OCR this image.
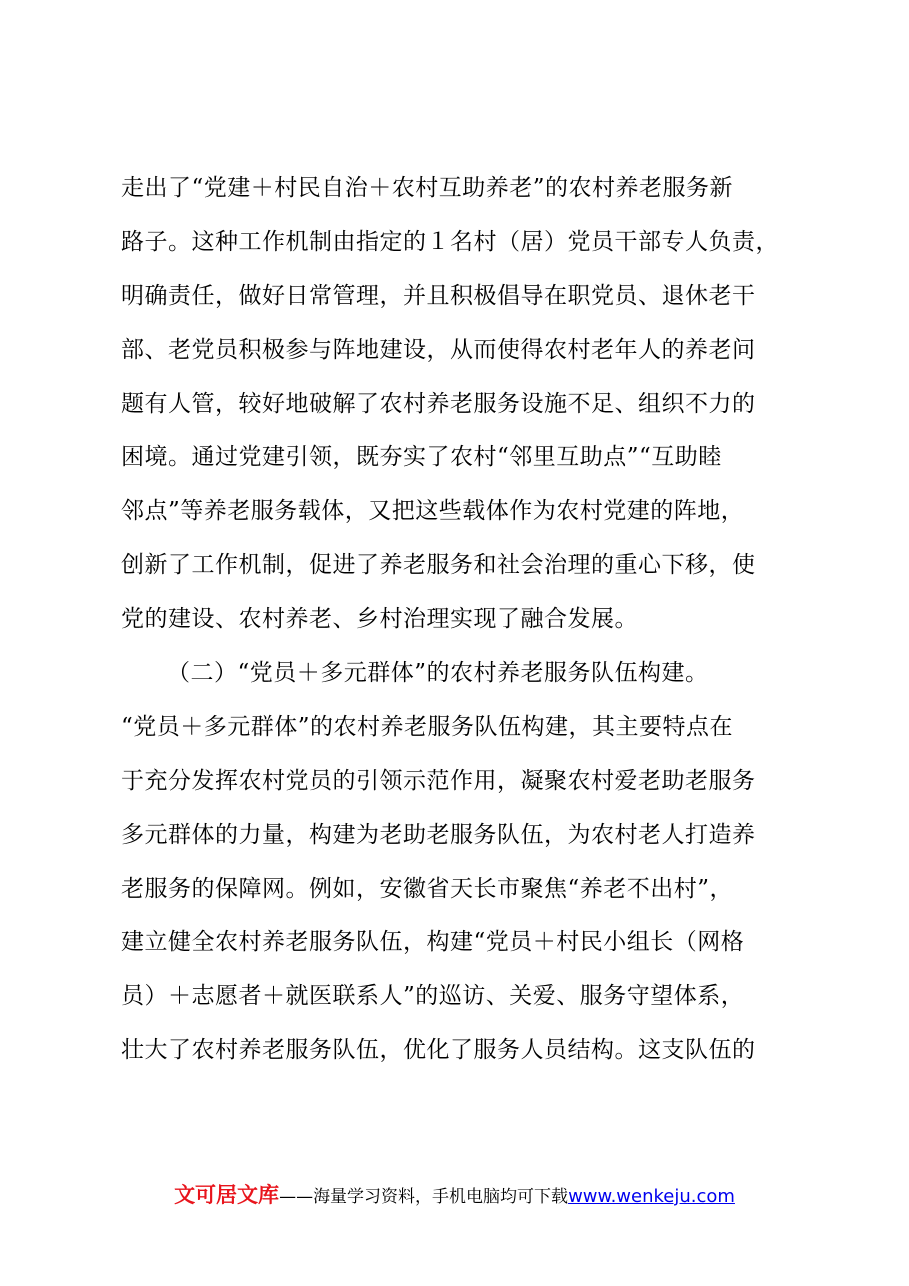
走出了“党建＋村民自治＋农村互助养老”的农村养老服务新
路子。这种工作机制由指定的１名村（居）党员干部专人负责，
明确责任，做好日常管理，并且积极倡导在职党员、退休老干
部、老党员积极参与阵地建设，从而使得农村老年人的养老问
题有人管，较好地破解了农村养老服务设施不足、组织不力的
困境。通过党建引领，既夯实了农村“邻里互助点”“互助睦
邻点”等养老服务载体，又把这些载体作为农村党建的阵地，
创新了工作机制，促进了养老服务和社会治理的重心下移，使
党的建设、农村养老、乡村治理实现了融合发展。
（二）“党员＋多元群体”的农村养老服务队伍构建。
“党员＋多元群体”的农村养老服务队伍构建，其主要特点在
于充分发挥农村党员的引领示范作用，凝聚农村爱老助老服务
多元群体的力量，构建为老助老服务队伍，为农村老人打造养
老服务的保障网。例如，安徽省天长市聚焦“养老不出村”，
建立健全农村养老服务队伍，构建“党员＋村民小组长（网格
员）＋志愿者＋就医联系人”的巡访、关爱、服务守望体系，
壮大了农村养老服务队伍，优化了服务人员结构。这支队伍的
文可居文库——海量学习资料，手机电脑均可下载www.wenkeju.com
